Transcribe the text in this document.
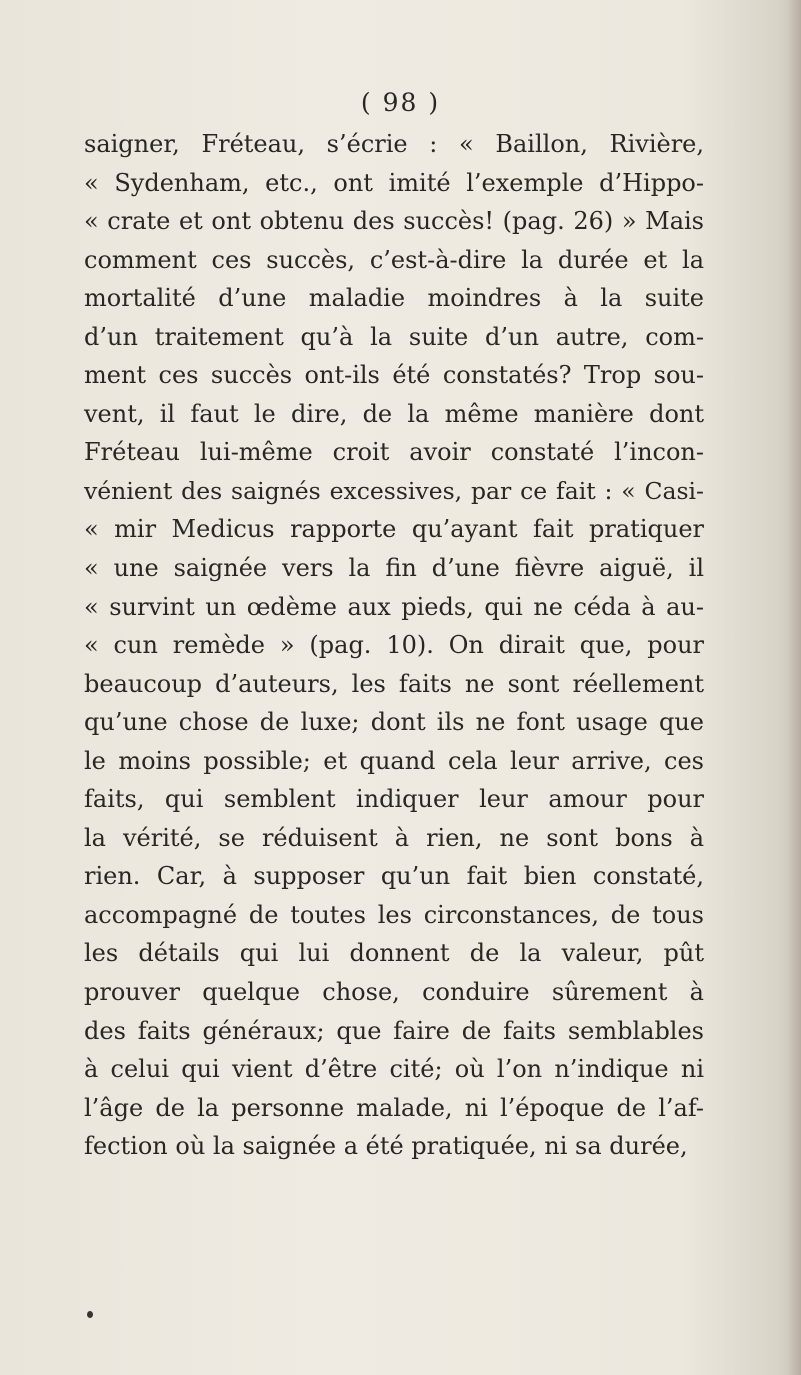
( 98 )
saigner, Fréteau, s’écrie : « Baillon, Rivière,
« Sydenham, etc., ont imité l’exemple d’Hippo-
« crate et ont obtenu des succès! (pag. 26) » Mais
comment ces succès, c’est-à-dire la durée et la
mortalité d’une maladie moindres à la suite
d’un traitement qu’à la suite d’un autre, com-
ment ces succès ont-ils été constatés? Trop sou-
vent, il faut le dire, de la même manière dont
Fréteau lui-même croit avoir constaté l’incon-
vénient des saignés excessives, par ce fait : « Casi-
« mir Medicus rapporte qu’ayant fait pratiquer
« une saignée vers la fin d’une fièvre aiguë, il
« survint un œdème aux pieds, qui ne céda à au-
« cun remède » (pag. 10). On dirait que, pour
beaucoup d’auteurs, les faits ne sont réellement
qu’une chose de luxe; dont ils ne font usage que
le moins possible; et quand cela leur arrive, ces
faits, qui semblent indiquer leur amour pour
la vérité, se réduisent à rien, ne sont bons à
rien. Car, à supposer qu’un fait bien constaté,
accompagné de toutes les circonstances, de tous
les détails qui lui donnent de la valeur, pût
prouver quelque chose, conduire sûrement à
des faits généraux; que faire de faits semblables
à celui qui vient d’être cité; où l’on n’indique ni
l’âge de la personne malade, ni l’époque de l’af-
fection où la saignée a été pratiquée, ni sa durée,
